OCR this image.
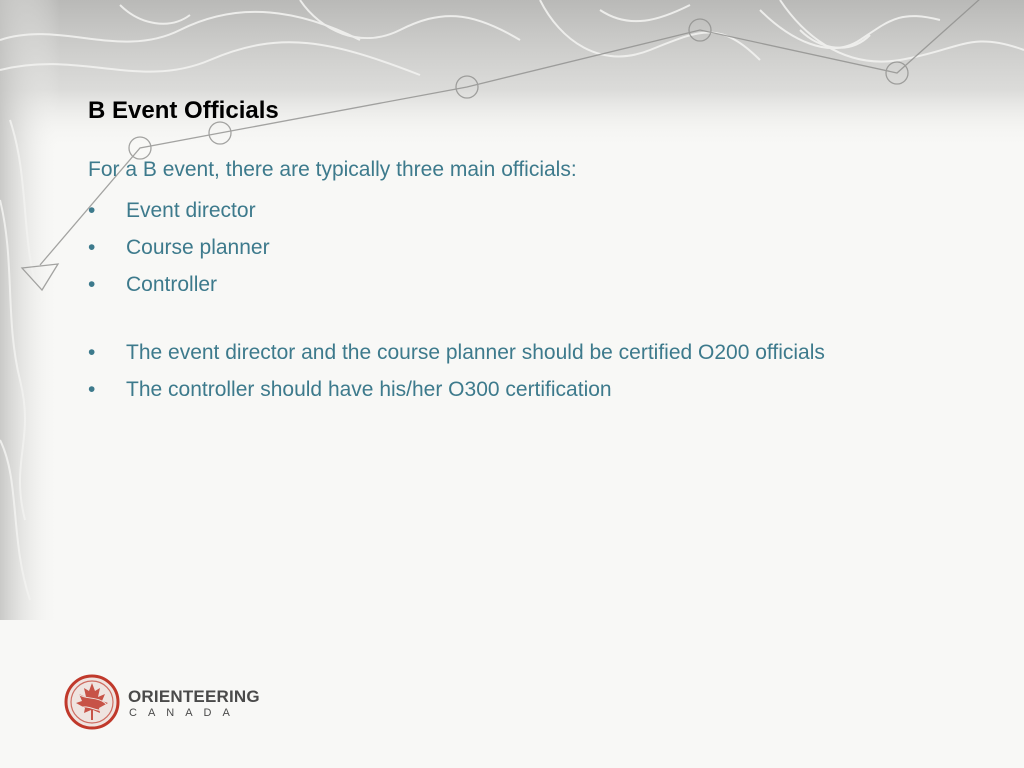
B Event Officials

For a B event, there are typically three main officials:

• Event director
• Course planner
• Controller
• The event director and the course planner should be certified O200 officials
• The controller should have his/her O300 certification
ORIENTEERING
CANADA
